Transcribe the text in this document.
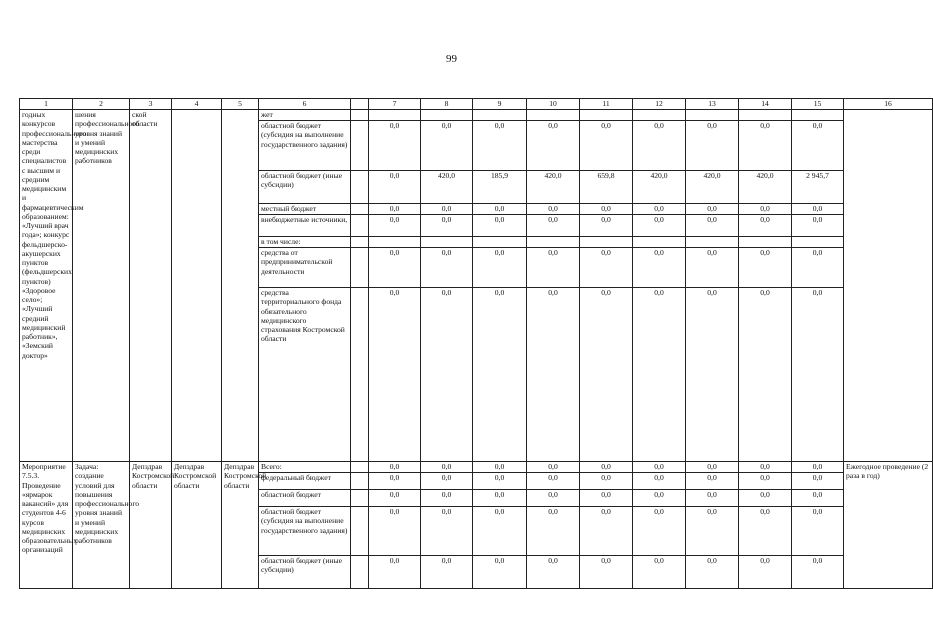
99
1	2	3	4	5	6		7	8	9	10	11	12	13	14	15	16
годных конкурсов профессионального мастерства среди специалистов с высшим и средним медицинским и фармацевтическим образованием: «Лучший врач года»; конкурс фельдшерско-акушерских пунктов (фельдшерских пунктов) «Здоровое село»; «Лучший средний медицинский работник», «Земский доктор»	шения профессионального уровня знаний и умений медицинских работников	ской области			жет											
					областной бюджет (субсидия на выполнение государственного задания)		0,0	0,0	0,0	0,0	0,0	0,0	0,0	0,0	0,0	
					областной бюджет (иные субсидии)		0,0	420,0	185,9	420,0	659,8	420,0	420,0	420,0	2 945,7	
					местный бюджет		0,0	0,0	0,0	0,0	0,0	0,0	0,0	0,0	0,0	
					внебюджетные источники,		0,0	0,0	0,0	0,0	0,0	0,0	0,0	0,0	0,0	
					в том числе:											
					средства от предпринимательской деятельности		0,0	0,0	0,0	0,0	0,0	0,0	0,0	0,0	0,0	
					средства территориального фонда обязательного медицинского страхования Костромской области		0,0	0,0	0,0	0,0	0,0	0,0	0,0	0,0	0,0	
Мероприятие 7.5.3. Проведение «ярмарок вакансий» для студентов 4-6 курсов медицинских образовательных организаций	Задача: создание условий для повышения профессионального уровня знаний и умений медицинских работников	Депздрав Костромской области	Депздрав Костромской области	Депздрав Костромской области	Всего:		0,0	0,0	0,0	0,0	0,0	0,0	0,0	0,0	0,0	Ежегодное проведение (2 раза в год)
					федеральный бюджет		0,0	0,0	0,0	0,0	0,0	0,0	0,0	0,0	0,0	
					областной бюджет		0,0	0,0	0,0	0,0	0,0	0,0	0,0	0,0	0,0	
					областной бюджет (субсидия на выполнение государственного задания)		0,0	0,0	0,0	0,0	0,0	0,0	0,0	0,0	0,0	
					областной бюджет (иные субсидии)		0,0	0,0	0,0	0,0	0,0	0,0	0,0	0,0	0,0	
